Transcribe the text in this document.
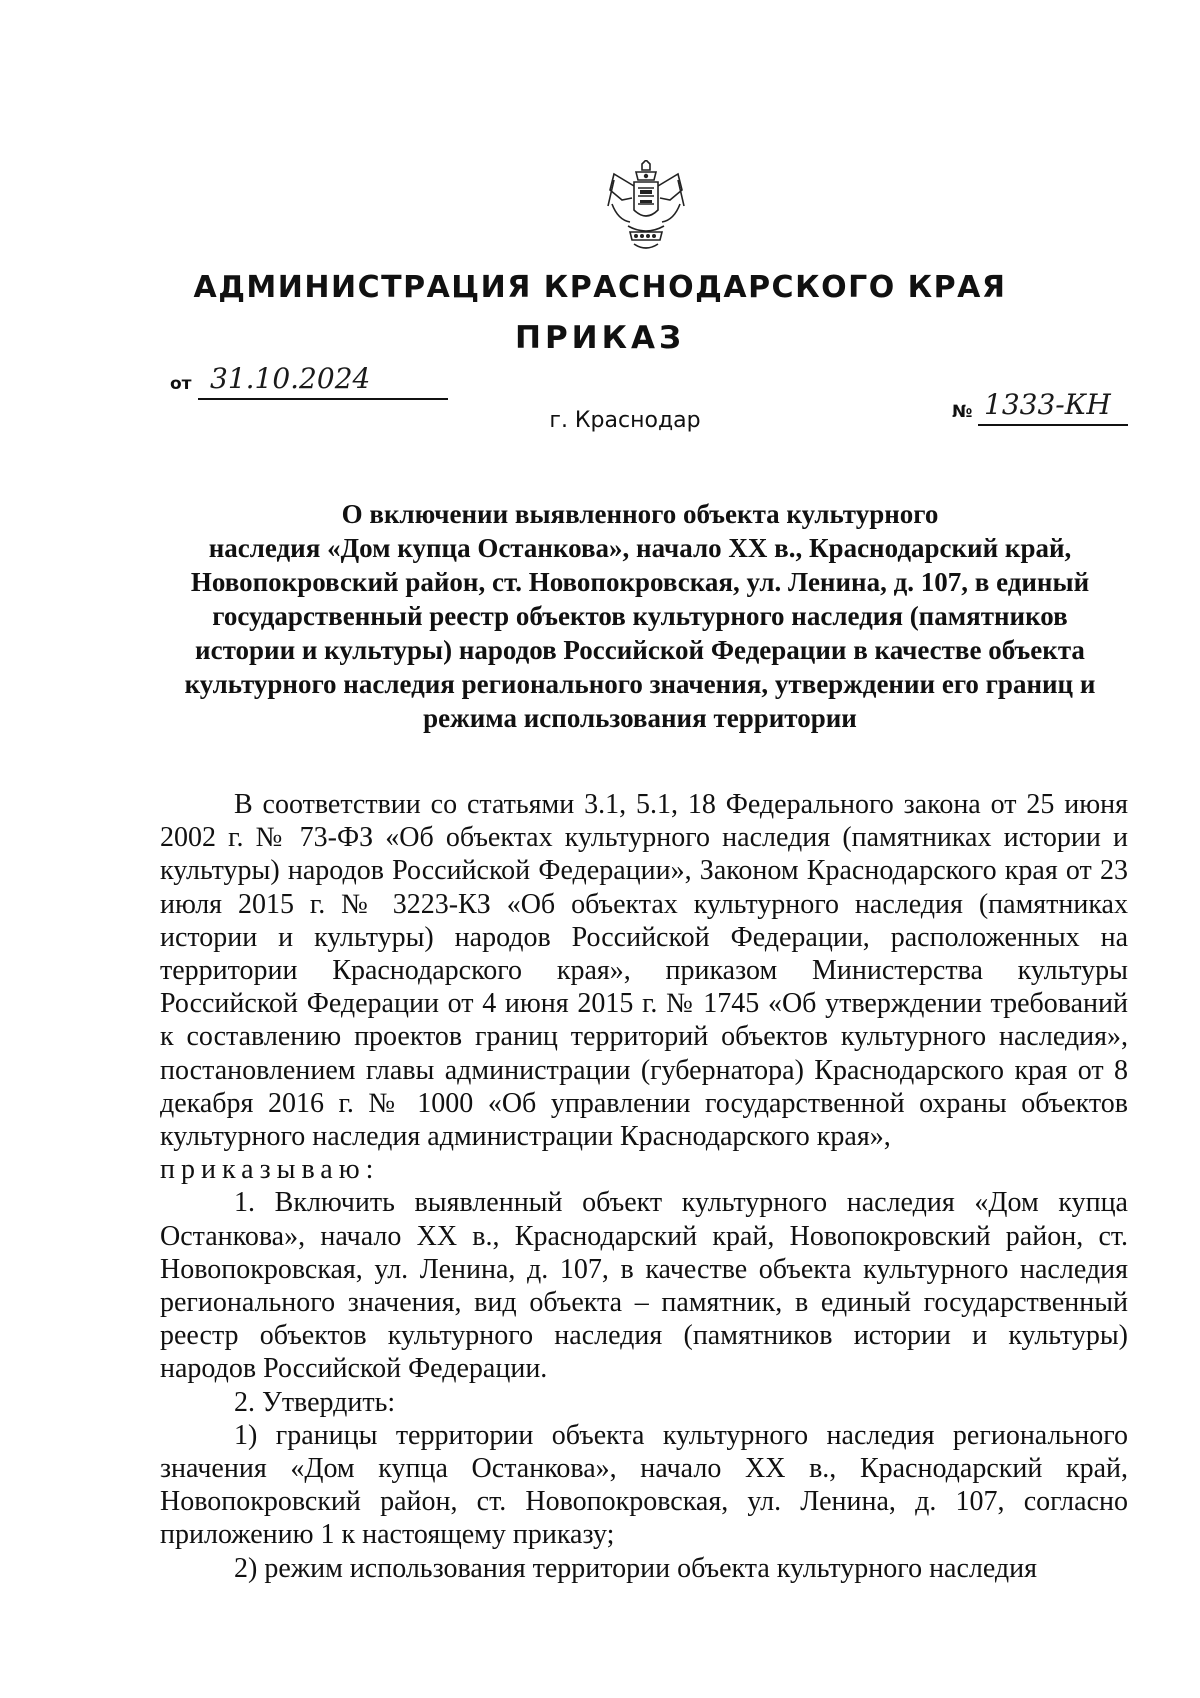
АДМИНИСТРАЦИЯ КРАСНОДАРСКОГО КРАЯ
ПРИКАЗ
от 31.10.2024
г. Краснодар	№ 1333-КН
О включении выявленного объекта культурного
наследия «Дом купца Останкова», начало XX в., Краснодарский край,
Новопокровский район, ст. Новопокровская, ул. Ленина, д. 107, в единый
государственный реестр объектов культурного наследия (памятников
истории и культуры) народов Российской Федерации в качестве объекта
культурного наследия регионального значения, утверждении его границ и
режима использования территории

В соответствии со статьями 3.1, 5.1, 18 Федерального закона от 25 июня 2002 г. № 73-ФЗ «Об объектах культурного наследия (памятниках истории и культуры) народов Российской Федерации», Законом Краснодарского края от 23 июля 2015 г. № 3223-КЗ «Об объектах культурного наследия (памятниках истории и культуры) народов Российской Федерации, расположенных на территории Краснодарского края», приказом Министерства культуры Российской Федерации от 4 июня 2015 г. № 1745 «Об утверждении требований к составлению проектов границ территорий объектов культурного наследия», постановлением главы администрации (губернатора) Краснодарского края от 8 декабря 2016 г. № 1000 «Об управлении государственной охраны объектов культурного наследия администрации Краснодарского края»,

приказываю:

1. Включить выявленный объект культурного наследия «Дом купца Останкова», начало XX в., Краснодарский край, Новопокровский район, ст. Новопокровская, ул. Ленина, д. 107, в качестве объекта культурного наследия регионального значения, вид объекта – памятник, в единый государственный реестр объектов культурного наследия (памятников истории и культуры) народов Российской Федерации.

2. Утвердить:

1) границы территории объекта культурного наследия регионального значения «Дом купца Останкова», начало XX в., Краснодарский край, Новопокровский район, ст. Новопокровская, ул. Ленина, д. 107, согласно приложению 1 к настоящему приказу;

2) режим использования территории объекта культурного наследия
